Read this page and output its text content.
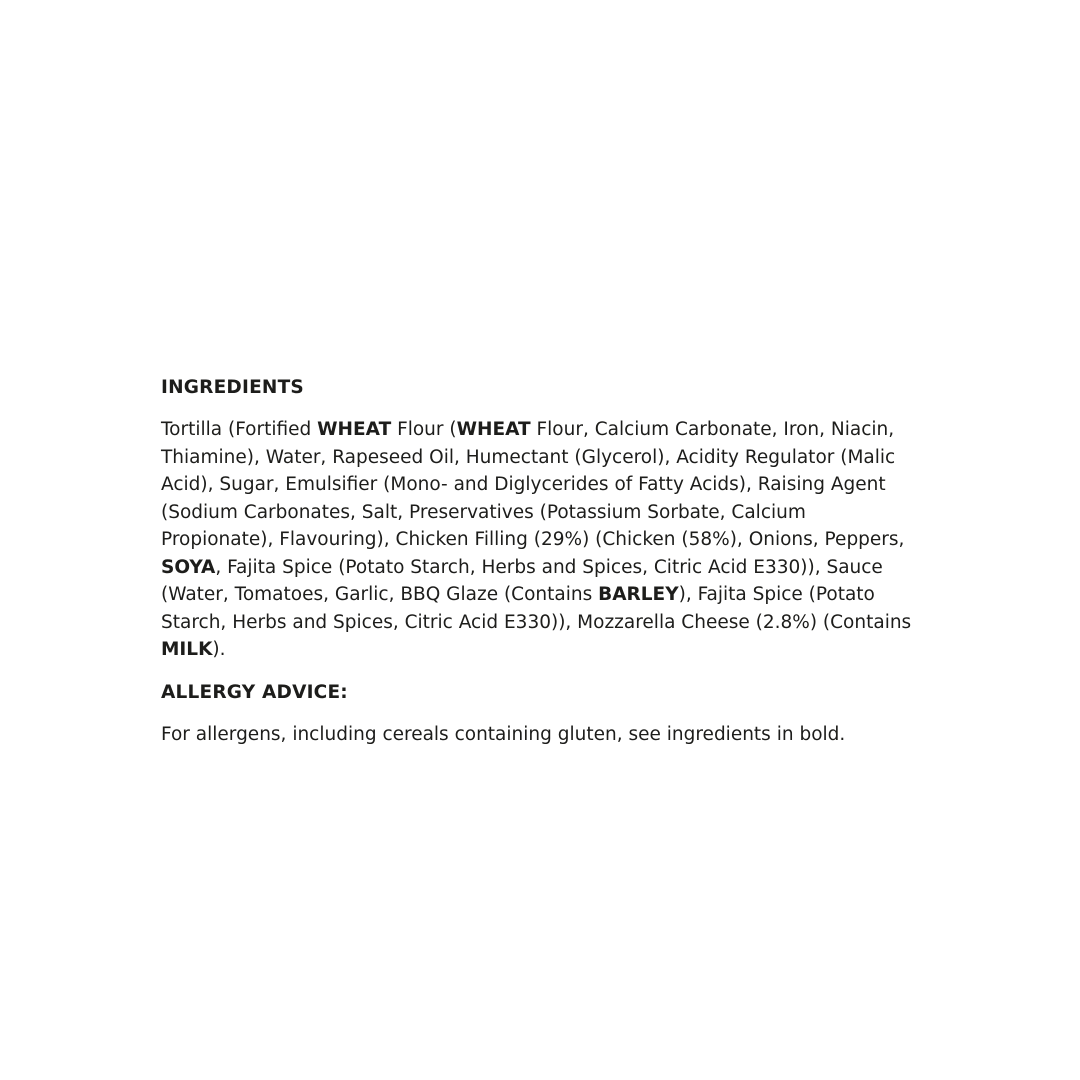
INGREDIENTS

Tortilla (Fortified WHEAT Flour (WHEAT Flour, Calcium Carbonate, Iron, Niacin, Thiamine), Water, Rapeseed Oil, Humectant (Glycerol), Acidity Regulator (Malic Acid), Sugar, Emulsifier (Mono- and Diglycerides of Fatty Acids), Raising Agent (Sodium Carbonates, Salt, Preservatives (Potassium Sorbate, Calcium Propionate), Flavouring), Chicken Filling (29%) (Chicken (58%), Onions, Peppers, SOYA, Fajita Spice (Potato Starch, Herbs and Spices, Citric Acid E330)), Sauce (Water, Tomatoes, Garlic, BBQ Glaze (Contains BARLEY), Fajita Spice (Potato Starch, Herbs and Spices, Citric Acid E330)), Mozzarella Cheese (2.8%) (Contains MILK).

ALLERGY ADVICE:

For allergens, including cereals containing gluten, see ingredients in bold.
